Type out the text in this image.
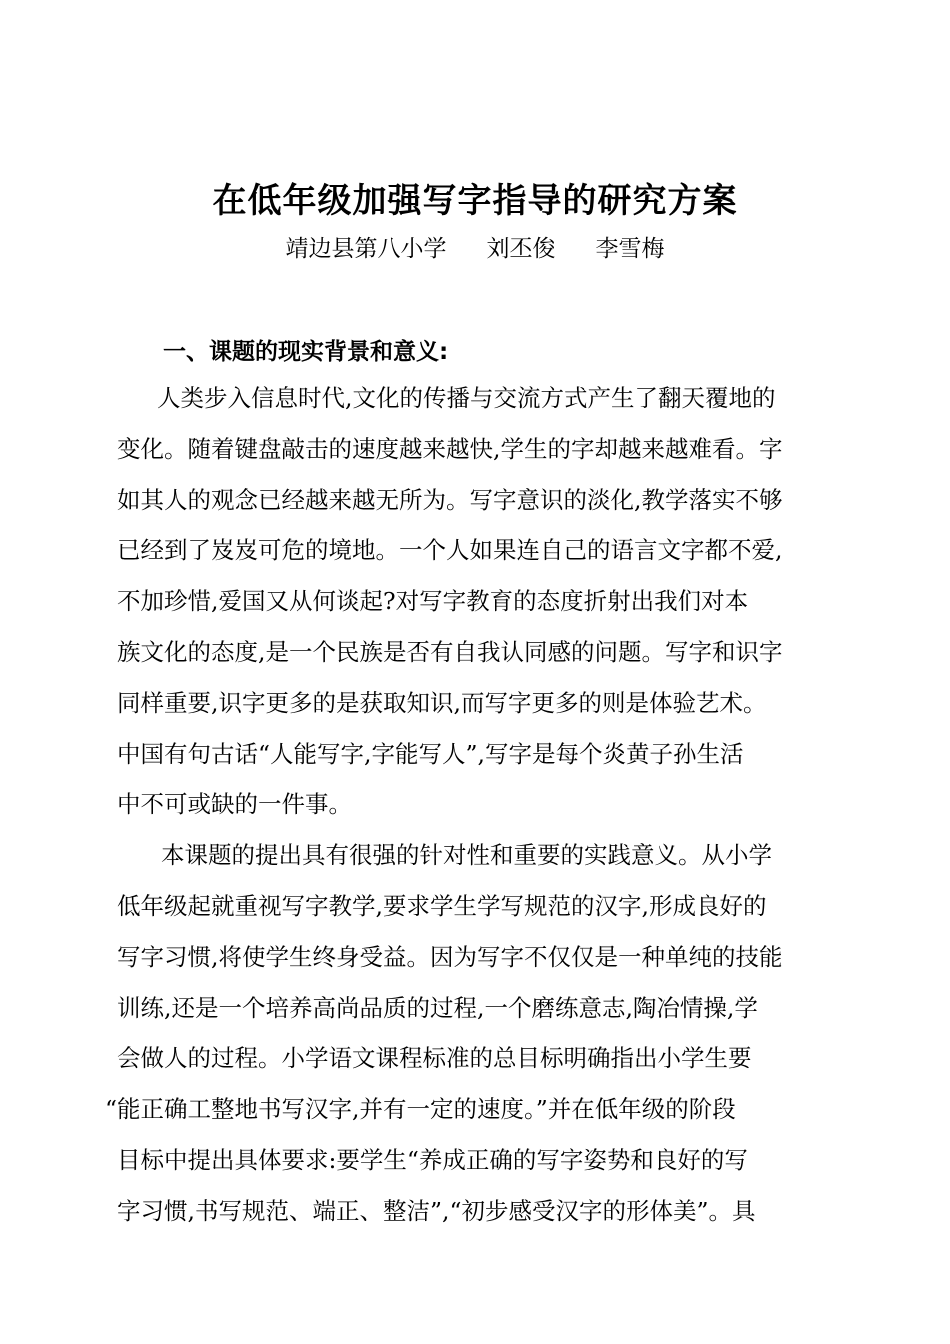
在低年级加强写字指导的研究方案
靖边县第八小学 刘丕俊 李雪梅
一、课题的现实背景和意义:
人类步入信息时代,文化的传播与交流方式产生了翻天覆地的
变化。随着键盘敲击的速度越来越快,学生的字却越来越难看。字
如其人的观念已经越来越无所为。写字意识的淡化,教学落实不够
已经到了岌岌可危的境地。一个人如果连自己的语言文字都不爱,
不加珍惜,爱国又从何谈起?对写字教育的态度折射出我们对本
族文化的态度,是一个民族是否有自我认同感的问题。写字和识字
同样重要,识字更多的是获取知识,而写字更多的则是体验艺术。
中国有句古话“人能写字,字能写人”,写字是每个炎黄子孙生活
中不可或缺的一件事。
本课题的提出具有很强的针对性和重要的实践意义。从小学
低年级起就重视写字教学,要求学生学写规范的汉字,形成良好的
写字习惯,将使学生终身受益。因为写字不仅仅是一种单纯的技能
训练,还是一个培养高尚品质的过程,一个磨练意志,陶冶情操,学
会做人的过程。小学语文课程标准的总目标明确指出小学生要
“能正确工整地书写汉字,并有一定的速度。”并在低年级的阶段
目标中提出具体要求:要学生“养成正确的写字姿势和良好的写
字习惯,书写规范、端正、整洁”,“初步感受汉字的形体美”。具
